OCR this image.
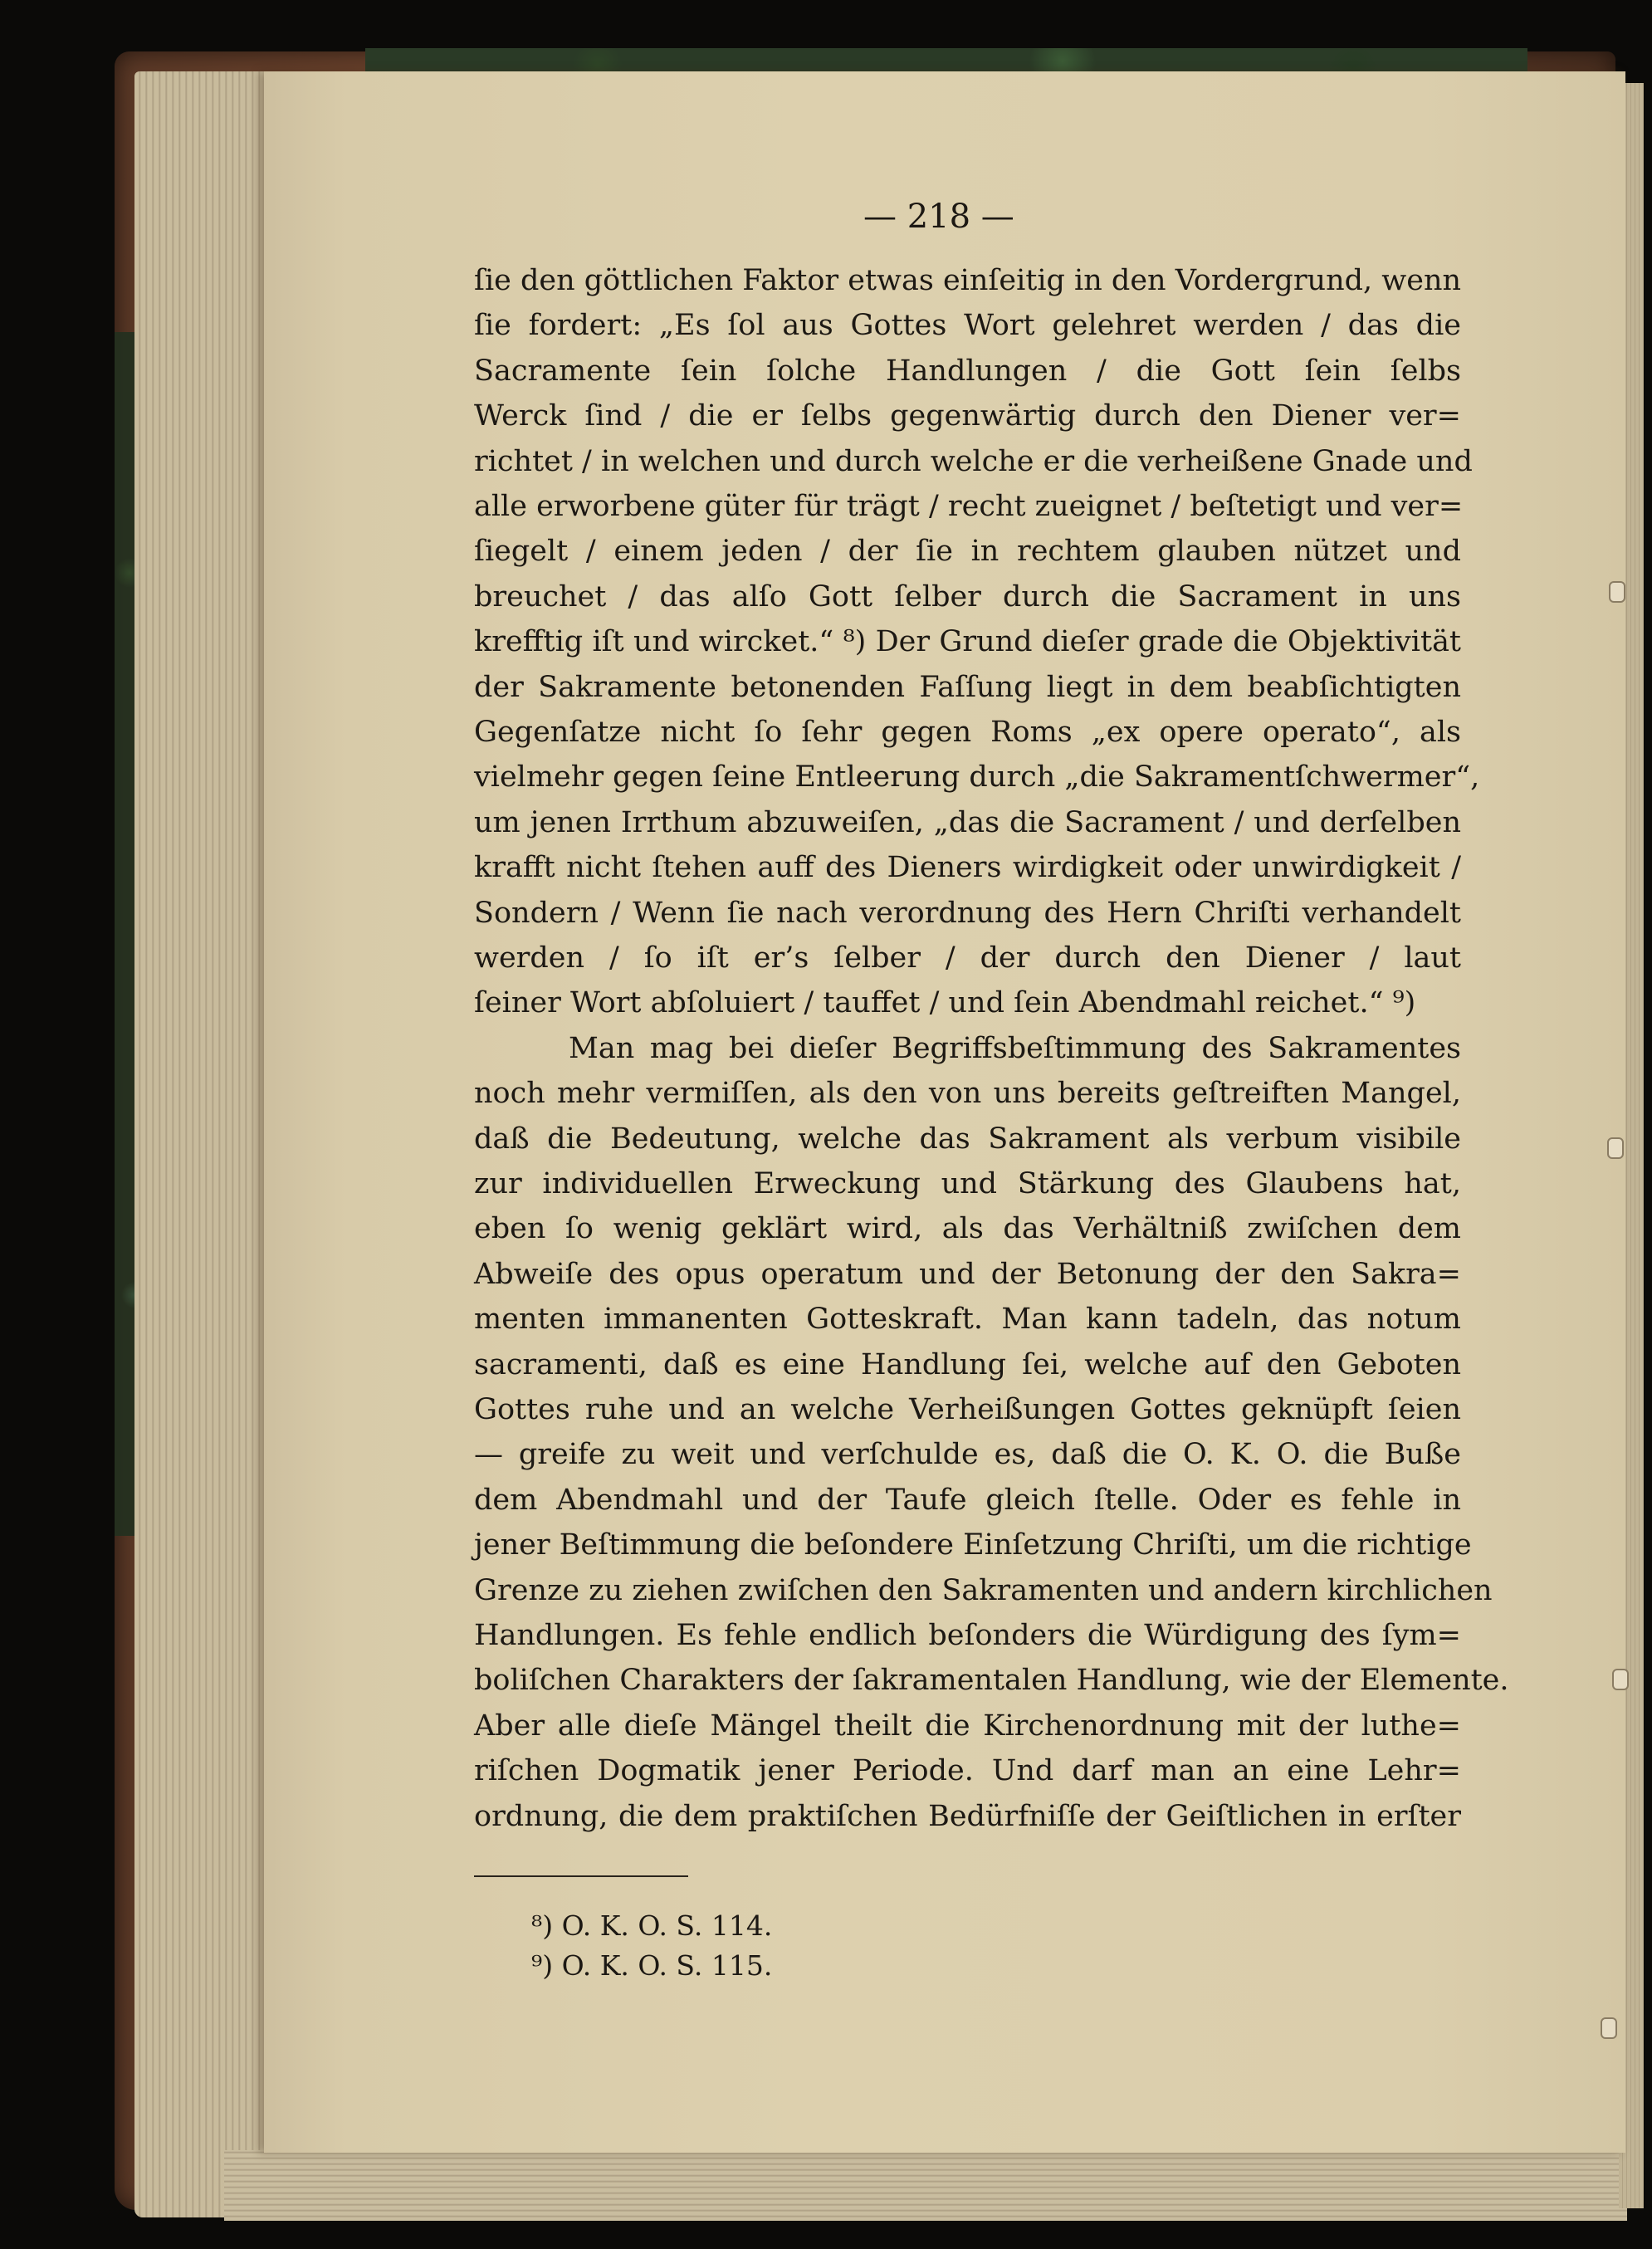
— 218 —
ſie den göttlichen Faktor etwas einſeitig in den Vordergrund, wenn
ſie fordert: „Es ſol aus Gottes Wort gelehret werden / das die
Sacramente ſein ſolche Handlungen / die Gott ſein ſelbs
Werck ſind / die er ſelbs gegenwärtig durch den Diener ver=
richtet / in welchen und durch welche er die verheißene Gnade und
alle erworbene güter für trägt / recht zueignet / beſtetigt und ver=
ſiegelt / einem jeden / der ſie in rechtem glauben nützet und
breuchet / das alſo Gott ſelber durch die Sacrament in uns
krefftig iſt und wircket.“ ⁸) Der Grund dieſer grade die Objektivität
der Sakramente betonenden Faſſung liegt in dem beabſichtigten
Gegenſatze nicht ſo ſehr gegen Roms „ex opere operato“, als
vielmehr gegen ſeine Entleerung durch „die Sakramentſchwermer“,
um jenen Irrthum abzuweiſen, „das die Sacrament / und derſelben
krafft nicht ſtehen auff des Dieners wirdigkeit oder unwirdigkeit /
Sondern / Wenn ſie nach verordnung des Hern Chriſti verhandelt
werden / ſo iſt er’s ſelber / der durch den Diener / laut
ſeiner Wort abſoluiert / tauffet / und ſein Abendmahl reichet.“ ⁹)
Man mag bei dieſer Begriffsbeſtimmung des Sakramentes
noch mehr vermiſſen, als den von uns bereits geſtreiften Mangel,
daß die Bedeutung, welche das Sakrament als verbum visibile
zur individuellen Erweckung und Stärkung des Glaubens hat,
eben ſo wenig geklärt wird, als das Verhältniß zwiſchen dem
Abweiſe des opus operatum und der Betonung der den Sakra=
menten immanenten Gotteskraft. Man kann tadeln, das notum
sacramenti, daß es eine Handlung ſei, welche auf den Geboten
Gottes ruhe und an welche Verheißungen Gottes geknüpft ſeien
— greife zu weit und verſchulde es, daß die O. K. O. die Buße
dem Abendmahl und der Taufe gleich ſtelle. Oder es fehle in
jener Beſtimmung die beſondere Einſetzung Chriſti, um die richtige
Grenze zu ziehen zwiſchen den Sakramenten und andern kirchlichen
Handlungen. Es fehle endlich beſonders die Würdigung des ſym=
boliſchen Charakters der ſakramentalen Handlung, wie der Elemente.
Aber alle dieſe Mängel theilt die Kirchenordnung mit der luthe=
riſchen Dogmatik jener Periode. Und darf man an eine Lehr=
ordnung, die dem praktiſchen Bedürfniſſe der Geiſtlichen in erſter
⁸) O. K. O. S. 114.
⁹) O. K. O. S. 115.
